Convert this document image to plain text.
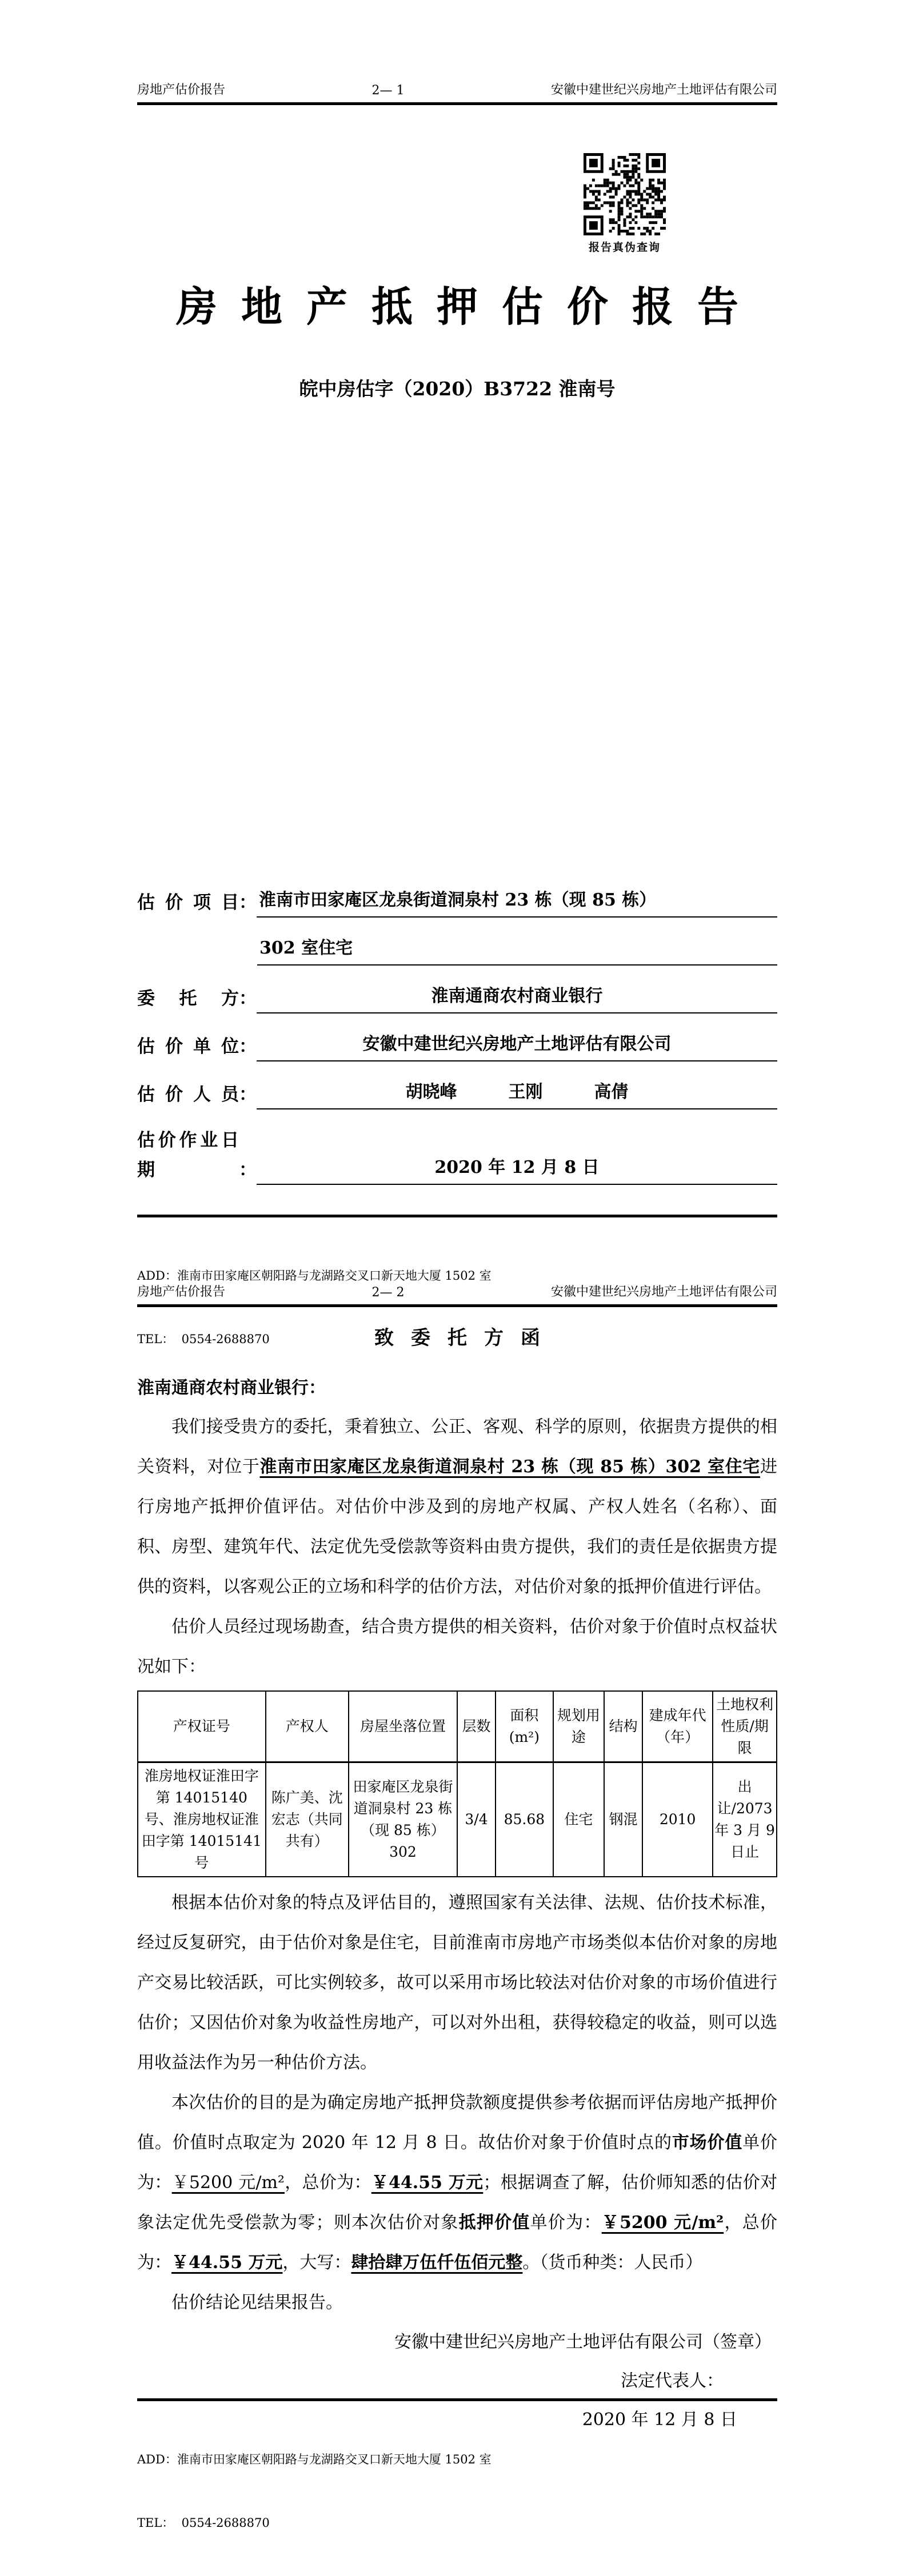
房地产估价报告	2— 1	安徽中建世纪兴房地产土地评估有限公司
报告真伪查询
房地产抵押估价报告
皖中房估字（2020）B3722 淮南号
估价项目 ： 淮南市田家庵区龙泉街道洞泉村 23 栋（现 85 栋）
302 室住宅
委托方 ：	淮南通商农村商业银行
估价单位 ：	安徽中建世纪兴房地产土地评估有限公司
估价人员 ：	胡晓峰　　　王刚　　　高倩
估价作业日期	：	2020 年 12 月 8 日

ADD：淮南市田家庵区朝阳路与龙湖路交叉口新天地大厦 1502 室

TEL：  0554-2688870

房地产估价报告	2— 2	安徽中建世纪兴房地产土地评估有限公司
致委托方函
淮南通商农村商业银行：

我们接受贵方的委托，秉着独立、公正、客观、科学的原则，依据贵方提供的相关资料，对位于淮南市田家庵区龙泉街道洞泉村 23 栋（现 85 栋）302 室住宅进行房地产抵押价值评估。对估价中涉及到的房地产权属、产权人姓名（名称）、面积、房型、建筑年代、法定优先受偿款等资料由贵方提供，我们的责任是依据贵方提供的资料，以客观公正的立场和科学的估价方法，对估价对象的抵押价值进行评估。

估价人员经过现场勘查，结合贵方提供的相关资料，估价对象于价值时点权益状况如下：

产权证号	产权人	房屋坐落位置	层数	面积(m²)	规划用途	结构	建成年代（年）	土地权利性质/期限
淮房地权证淮田字第 14015140 号、淮房地权证淮田字第 14015141 号	陈广美、沈宏志（共同共有）	田家庵区龙泉街道洞泉村 23 栋（现 85 栋）302	3/4	85.68	住宅	钢混	2010	出让/2073 年 3 月 9 日止

根据本估价对象的特点及评估目的，遵照国家有关法律、法规、估价技术标准，经过反复研究，由于估价对象是住宅，目前淮南市房地产市场类似本估价对象的房地产交易比较活跃，可比实例较多，故可以采用市场比较法对估价对象的市场价值进行估价；又因估价对象为收益性房地产，可以对外出租，获得较稳定的收益，则可以选用收益法作为另一种估价方法。

本次估价的目的是为确定房地产抵押贷款额度提供参考依据而评估房地产抵押价值。价值时点取定为 2020 年 12 月 8 日。故估价对象于价值时点的市场价值单价为：￥5200 元/m²，总价为：￥44.55 万元；根据调查了解，估价师知悉的估价对象法定优先受偿款为零；则本次估价对象抵押价值单价为：￥5200 元/m²，总价为：￥44.55 万元，大写：肆拾肆万伍仟伍佰元整。（货币种类：人民币）

估价结论见结果报告。

安徽中建世纪兴房地产土地评估有限公司（签章）
法定代表人：
2020 年 12 月 8 日

ADD：淮南市田家庵区朝阳路与龙湖路交叉口新天地大厦 1502 室

TEL：  0554-2688870
